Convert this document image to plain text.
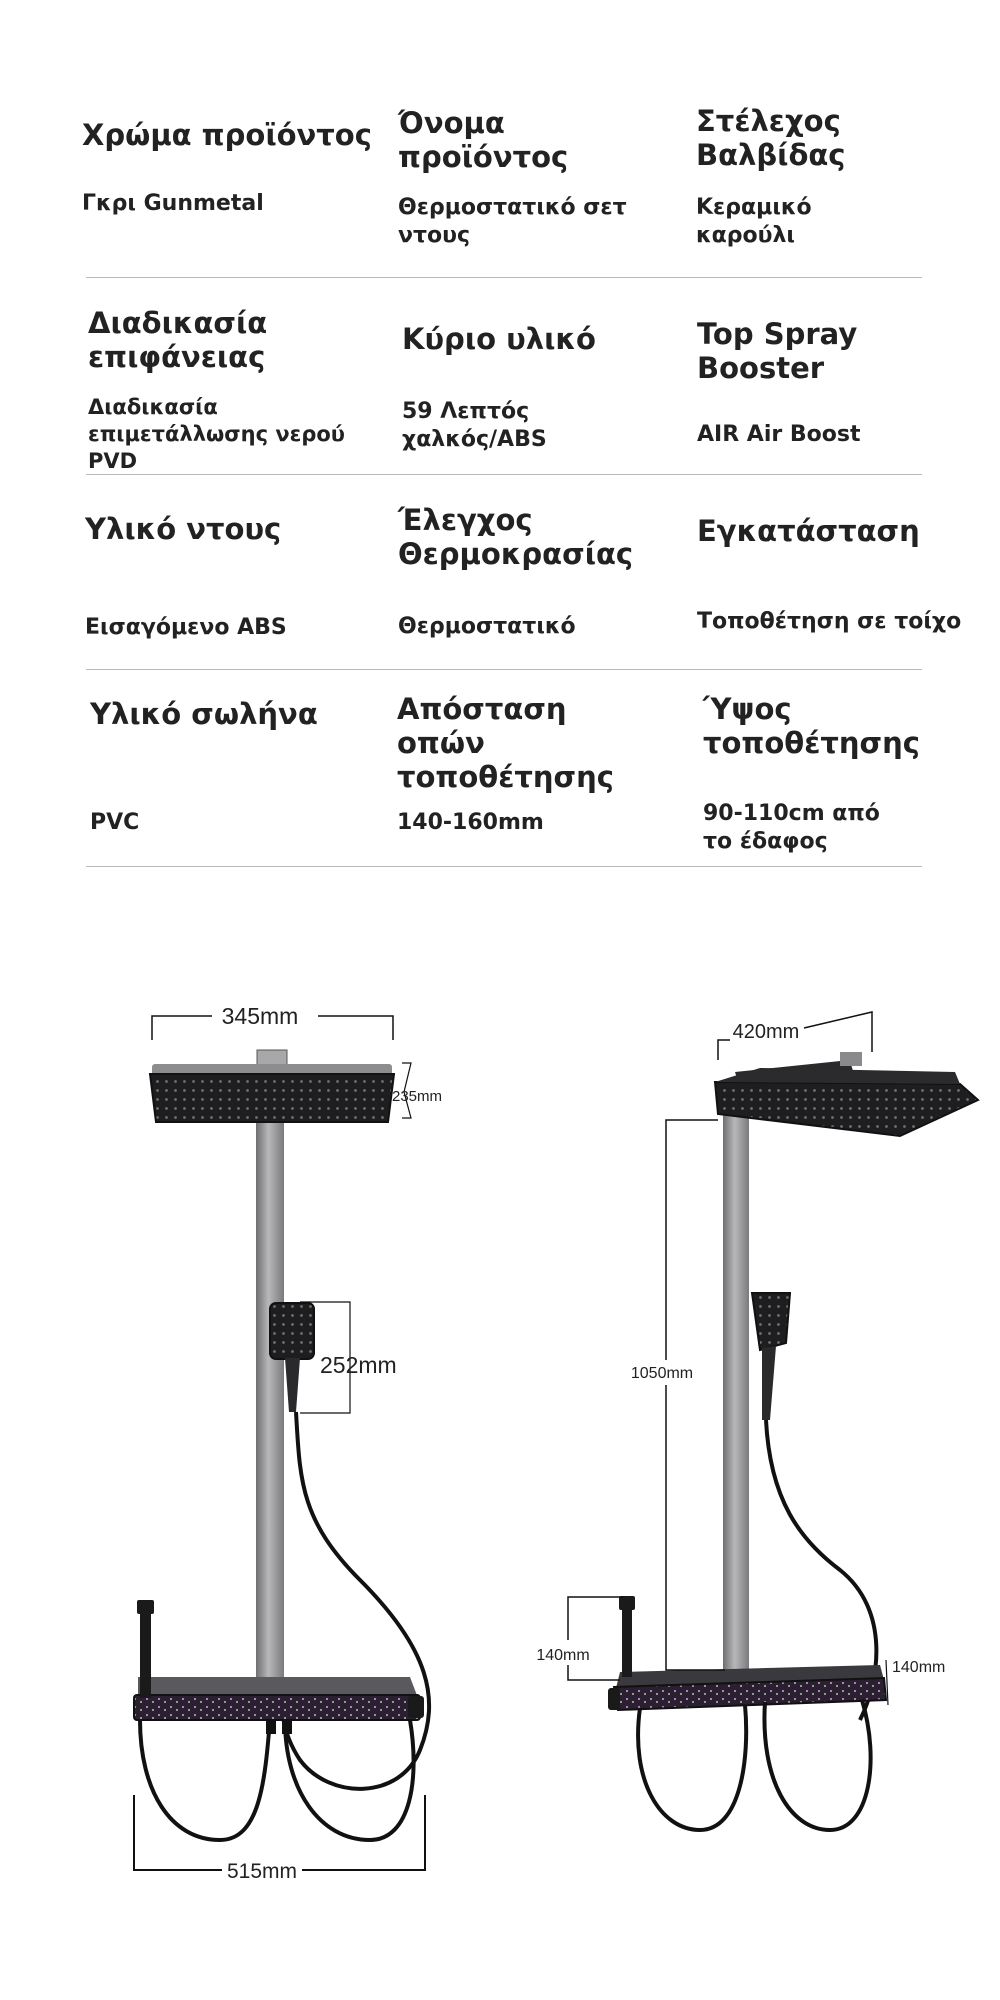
Χρώμα προϊόντος
Γκρι Gunmetal
Όνομα προϊόντος
Θερμοστατικό σετ ντους
Στέλεχος Βαλβίδας
Κεραμικό καρούλι
Διαδικασία επιφάνειας
Διαδικασία επιμετάλλωσης νερού PVD
Κύριο υλικό
59 Λεπτός χαλκός/ABS
Top Spray Booster
AIR Air Boost
Υλικό ντους
Εισαγόμενο ABS
Έλεγχος Θερμοκρασίας
Θερμοστατικό
Εγκατάσταση
Τοποθέτηση σε τοίχο
Υλικό σωλήνα
PVC
Απόσταση οπών τοποθέτησης
140-160mm
Ύψος τοποθέτησης
90-110cm από το έδαφος
345mm
235mm
252mm
515mm
420mm
1050mm
140mm
140mm
